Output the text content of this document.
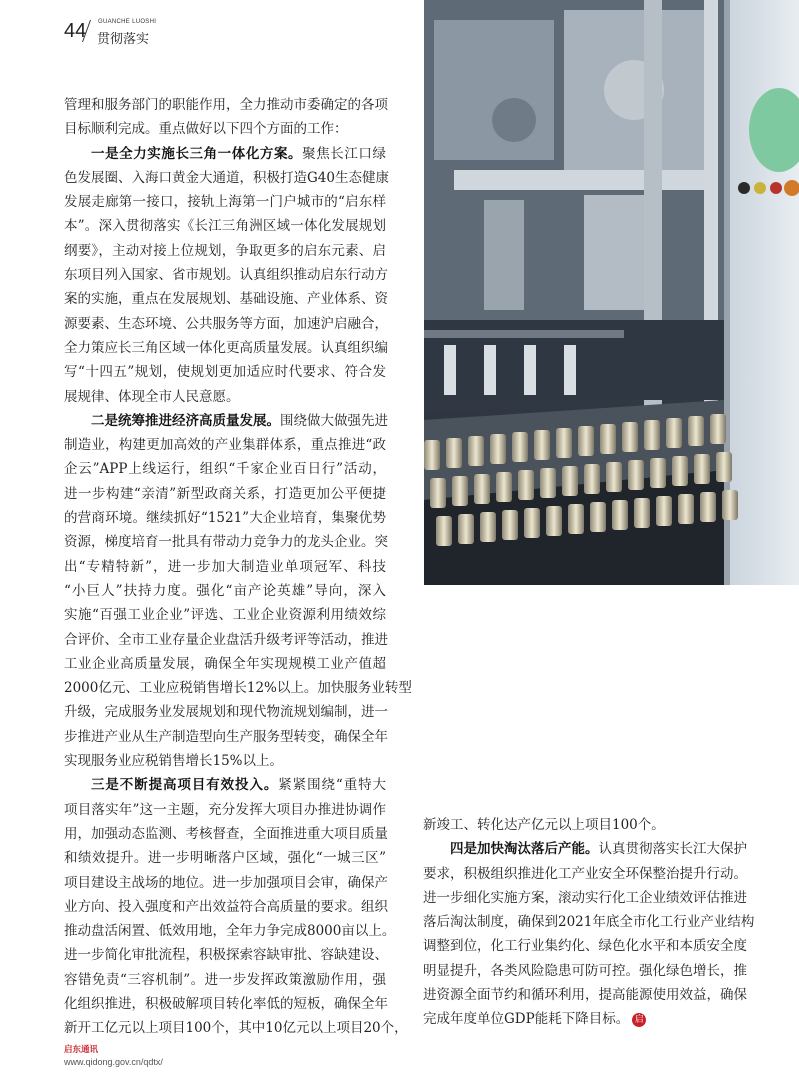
44 GUANCHE LUOSHI
贯彻落实
管理和服务部门的职能作用，全力推动市委确定的各项
目标顺利完成。重点做好以下四个方面的工作：
一是全力实施长三角一体化方案。聚焦长江口绿
色发展圈、入海口黄金大通道，积极打造G40生态健康
发展走廊第一接口，接轨上海第一门户城市的“启东样
本”。深入贯彻落实《长江三角洲区域一体化发展规划
纲要》，主动对接上位规划，争取更多的启东元素、启
东项目列入国家、省市规划。认真组织推动启东行动方
案的实施，重点在发展规划、基础设施、产业体系、资
源要素、生态环境、公共服务等方面，加速沪启融合，
全力策应长三角区域一体化更高质量发展。认真组织编
写“十四五”规划，使规划更加适应时代要求、符合发
展规律、体现全市人民意愿。
二是统筹推进经济高质量发展。围绕做大做强先进
制造业，构建更加高效的产业集群体系，重点推进“政
企云”APP上线运行，组织“千家企业百日行”活动，
进一步构建“亲清”新型政商关系，打造更加公平便捷
的营商环境。继续抓好“1521”大企业培育，集聚优势
资源，梯度培育一批具有带动力竞争力的龙头企业。突
出“专精特新”，进一步加大制造业单项冠军、科技
“小巨人”扶持力度。强化“亩产论英雄”导向，深入
实施“百强工业企业”评选、工业企业资源利用绩效综
合评价、全市工业存量企业盘活升级考评等活动，推进
工业企业高质量发展，确保全年实现规模工业产值超
2000亿元、工业应税销售增长12%以上。加快服务业转型
升级，完成服务业发展规划和现代物流规划编制，进一
步推进产业从生产制造型向生产服务型转变，确保全年
实现服务业应税销售增长15%以上。
三是不断提高项目有效投入。紧紧围绕“重特大
项目落实年”这一主题，充分发挥大项目办推进协调作
用，加强动态监测、考核督查，全面推进重大项目质量
和绩效提升。进一步明晰落户区域，强化“一城三区”
项目建设主战场的地位。进一步加强项目会审，确保产
业方向、投入强度和产出效益符合高质量的要求。组织
推动盘活闲置、低效用地，全年力争完成8000亩以上。
进一步简化审批流程，积极探索容缺审批、容缺建设、
容错免责“三容机制”。进一步发挥政策激励作用，强
化组织推进，积极破解项目转化率低的短板，确保全年
新开工亿元以上项目100个，其中10亿元以上项目20个，
新竣工、转化达产亿元以上项目100个。
四是加快淘汰落后产能。认真贯彻落实长江大保护
要求，积极组织推进化工产业安全环保整治提升行动。
进一步细化实施方案，滚动实行化工企业绩效评估推进
落后淘汰制度，确保到2021年底全市化工行业产业结构
调整到位，化工行业集约化、绿色化水平和本质安全度
明显提升，各类风险隐患可防可控。强化绿色增长，推
进资源全面节约和循环利用，提高能源使用效益，确保
完成年度单位GDP能耗下降目标。 启
启东通讯
www.qidong.gov.cn/qdtx/
